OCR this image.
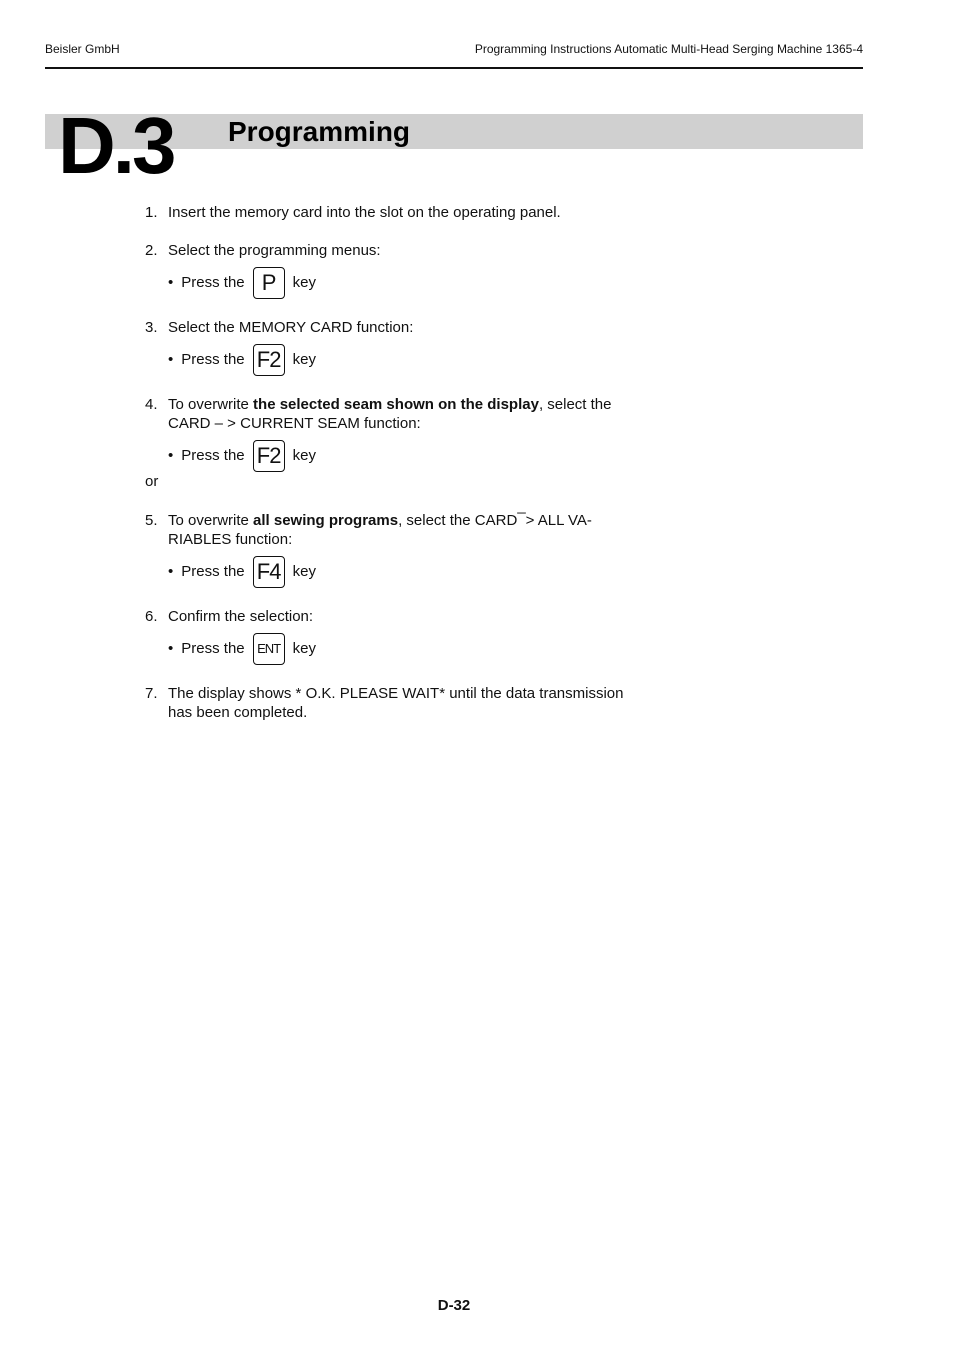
Beisler GmbH	Programming Instructions Automatic Multi-Head Serging Machine 1365-4
D.3 Programming
1. Insert the memory card into the slot on the operating panel.
2. Select the programming menus:
• Press the P	key
3. Select the MEMORY CARD function:
• Press the F2 key
4. To overwrite the selected seam shown on the display, select the
CARD – > CURRENT SEAM function:
• Press the F2 key
or
5. To overwrite all sewing programs, select the CARD ̅ > ALL VA-
RIABLES function:
• Press the F4 key
6. Confirm the selection:
• Press the ENT key
7. The display shows * O.K. PLEASE WAIT* until the data transmission
has been completed.
D-32
